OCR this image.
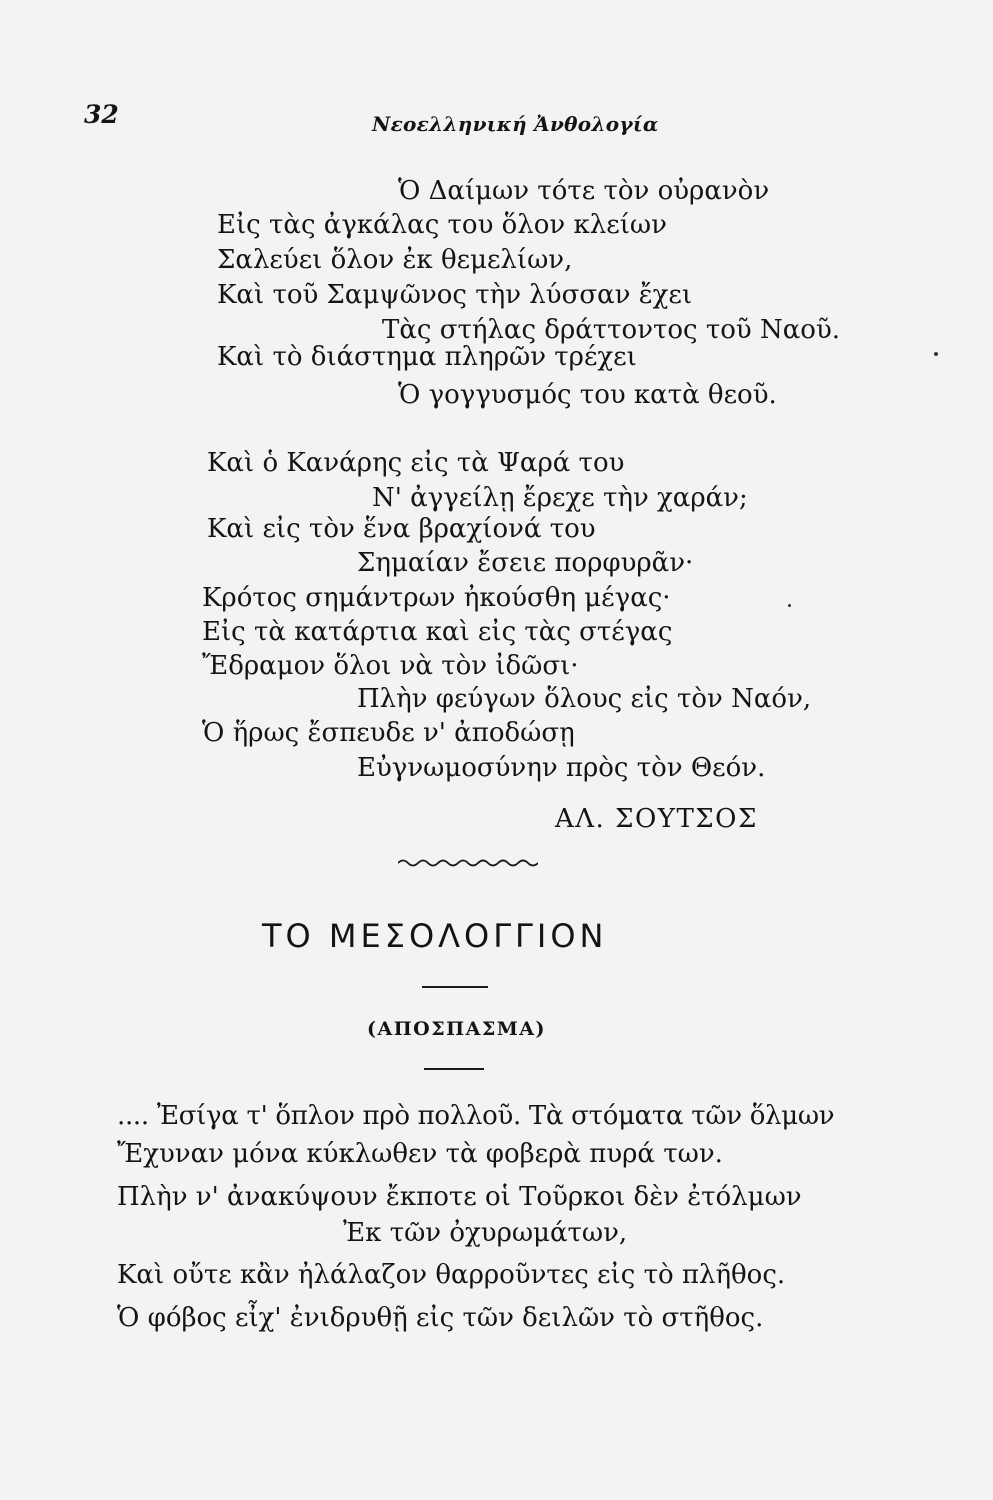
32	Νεοελληνική Ἀνθολογία
Ὁ Δαίμων τότε τὸν οὐρανὸν
Εἰς τὰς ἀγκάλας του ὅλον κλείων
Σαλεύει ὅλον ἐκ θεμελίων,
Καὶ τοῦ Σαμψῶνος τὴν λύσσαν ἔχει
Τὰς στήλας δράττοντος τοῦ Ναοῦ.
Καὶ τὸ διάστημα πληρῶν τρέχει
Ὁ γογγυσμός του κατὰ θεοῦ.
Καὶ ὁ Κανάρης εἰς τὰ Ψαρά του
Ν' ἀγγείλῃ ἔρεχε τὴν χαράν;
Καὶ εἰς τὸν ἕνα βραχίονά του
Σημαίαν ἔσειε πορφυρᾶν·
Κρότος σημάντρων ἠκούσθη μέγας·
Εἰς τὰ κατάρτια καὶ εἰς τὰς στέγας
Ἔδραμον ὅλοι νὰ τὸν ἰδῶσι·
Πλὴν φεύγων ὅλους εἰς τὸν Ναόν,
Ὁ ἥρως ἔσπευδε ν' ἀποδώσῃ
Εὐγνωμοσύνην πρὸς τὸν Θεόν.
ΑΛ. ΣΟΥΤΣΟΣ
ΤΟ ΜΕΣΟΛΟΓΓΙΟΝ
(ΑΠΟΣΠΑΣΜΑ)
.... Ἐσίγα τ' ὅπλον πρὸ πολλοῦ. Τὰ στόματα τῶν ὅλμων
Ἔχυναν μόνα κύκλωθεν τὰ φοβερὰ πυρά των.
Πλὴν ν' ἀνακύψουν ἔκποτε οἱ Τοῦρκοι δὲν ἐτόλμων
Ἐκ τῶν ὀχυρωμάτων,
Καὶ οὔτε κἂν ἠλάλαζον θαρροῦντες εἰς τὸ πλῆθος.
Ὁ φόβος εἶχ' ἐνιδρυθῇ εἰς τῶν δειλῶν τὸ στῆθος.
